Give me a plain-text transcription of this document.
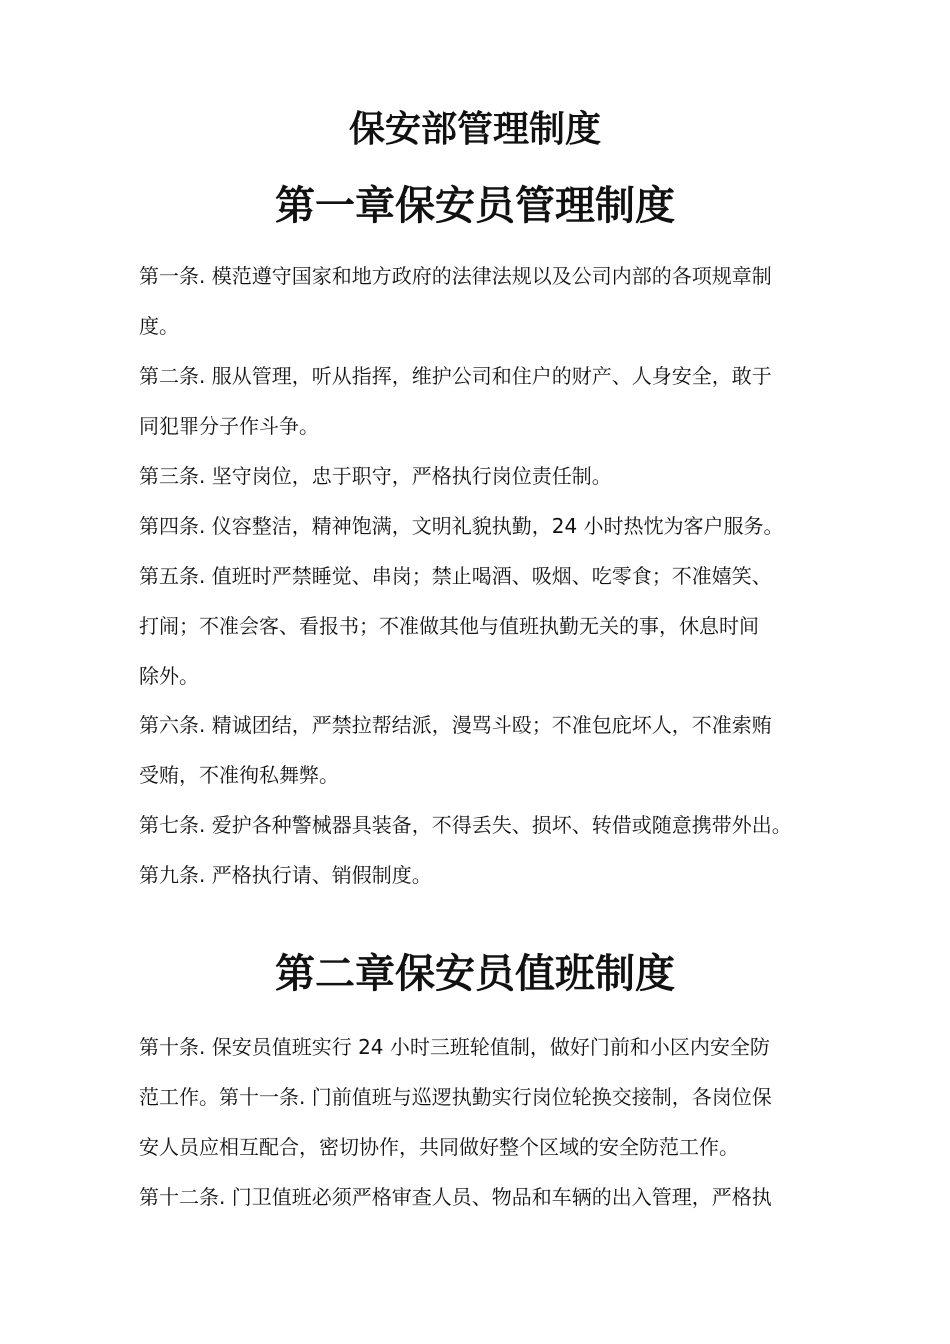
保安部管理制度
第一章保安员管理制度

第一条. 模范遵守国家和地方政府的法律法规以及公司内部的各项规章制

度。

第二条. 服从管理，听从指挥，维护公司和住户的财产、人身安全，敢于

同犯罪分子作斗争。

第三条. 坚守岗位，忠于职守，严格执行岗位责任制。

第四条. 仪容整洁，精神饱满，文明礼貌执勤，24 小时热忱为客户服务。

第五条. 值班时严禁睡觉、串岗；禁止喝酒、吸烟、吃零食；不准嬉笑、

打闹；不准会客、看报书；不准做其他与值班执勤无关的事，休息时间

除外。

第六条. 精诚团结，严禁拉帮结派，漫骂斗殴；不准包庇坏人，不准索贿

受贿，不准徇私舞弊。

第七条. 爱护各种警械器具装备，不得丢失、损坏、转借或随意携带外出。

第九条. 严格执行请、销假制度。

第二章保安员值班制度

第十条. 保安员值班实行 24 小时三班轮值制，做好门前和小区内安全防

范工作。第十一条. 门前值班与巡逻执勤实行岗位轮换交接制，各岗位保

安人员应相互配合，密切协作，共同做好整个区域的安全防范工作。

第十二条. 门卫值班必须严格审查人员、物品和车辆的出入管理，严格执
